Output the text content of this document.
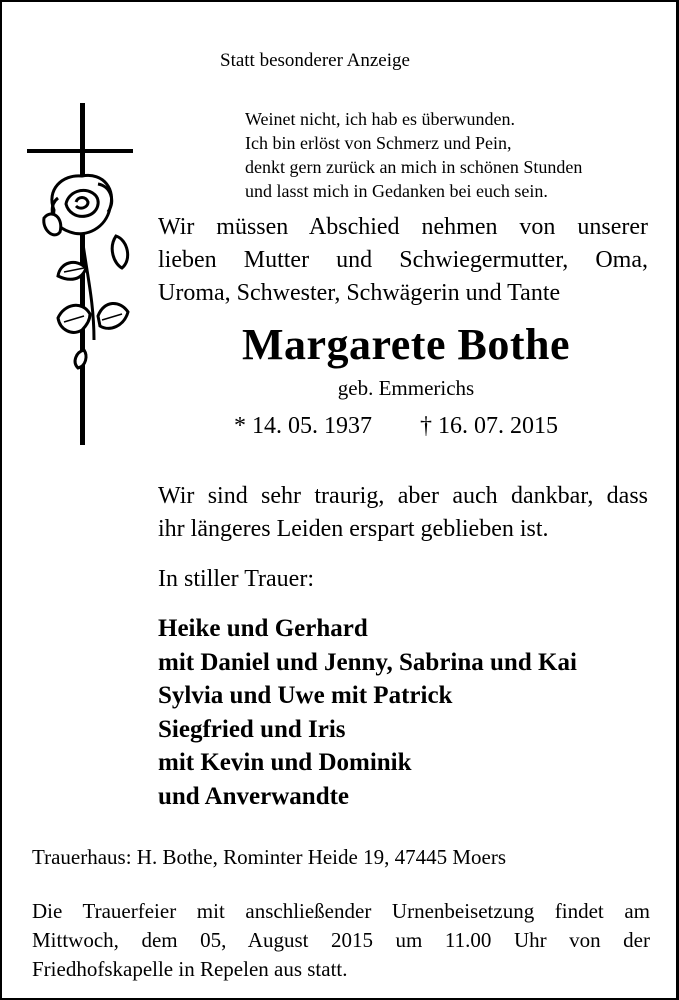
Statt besonderer Anzeige
Weinet nicht, ich hab es überwunden.
Ich bin erlöst von Schmerz und Pein,
denkt gern zurück an mich in schönen Stunden
und lasst mich in Gedanken bei euch sein.
Wir müssen Abschied nehmen von unserer
lieben Mutter und Schwiegermutter, Oma,
Uroma, Schwester, Schwägerin und Tante
Margarete Bothe
geb. Emmerichs
* 14. 05. 1937 † 16. 07. 2015
Wir sind sehr traurig, aber auch dankbar, dass
ihr längeres Leiden erspart geblieben ist.
In stiller Trauer:
Heike und Gerhard
mit Daniel und Jenny, Sabrina und Kai
Sylvia und Uwe mit Patrick
Siegfried und Iris
mit Kevin und Dominik
und Anverwandte
Trauerhaus: H. Bothe, Rominter Heide 19, 47445 Moers
Die Trauerfeier mit anschließender Urnenbeisetzung findet am
Mittwoch, dem 05, August 2015 um 11.00 Uhr von der
Friedhofskapelle in Repelen aus statt.
